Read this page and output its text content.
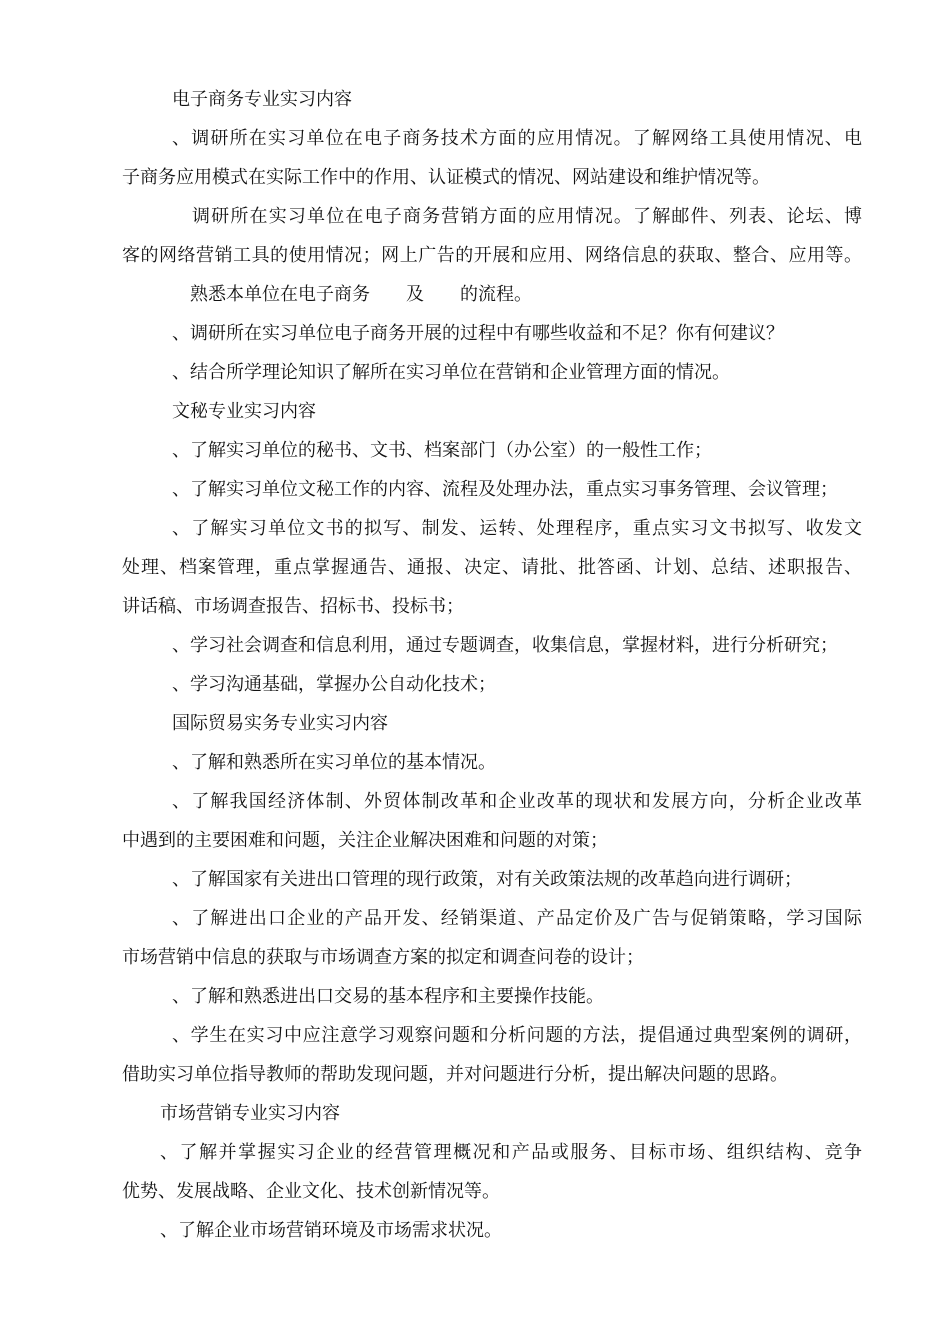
电子商务专业实习内容
、调研所在实习单位在电子商务技术方面的应用情况。了解网络工具使用情况、电
子商务应用模式在实际工作中的作用、认证模式的情况、网站建设和维护情况等。
调研所在实习单位在电子商务营销方面的应用情况。了解邮件、列表、论坛、博
客的网络营销工具的使用情况；网上广告的开展和应用、网络信息的获取、整合、应用等。
熟悉本单位在电子商务　　及　　的流程。
、调研所在实习单位电子商务开展的过程中有哪些收益和不足？你有何建议？
、结合所学理论知识了解所在实习单位在营销和企业管理方面的情况。
文秘专业实习内容
、了解实习单位的秘书、文书、档案部门（办公室）的一般性工作；
、了解实习单位文秘工作的内容、流程及处理办法，重点实习事务管理、会议管理；
、了解实习单位文书的拟写、制发、运转、处理程序，重点实习文书拟写、收发文
处理、档案管理，重点掌握通告、通报、决定、请批、批答函、计划、总结、述职报告、
讲话稿、市场调查报告、招标书、投标书；
、学习社会调查和信息利用，通过专题调查，收集信息，掌握材料，进行分析研究；
、学习沟通基础，掌握办公自动化技术；
国际贸易实务专业实习内容
、了解和熟悉所在实习单位的基本情况。
、了解我国经济体制、外贸体制改革和企业改革的现状和发展方向，分析企业改革
中遇到的主要困难和问题，关注企业解决困难和问题的对策；
、了解国家有关进出口管理的现行政策，对有关政策法规的改革趋向进行调研；
、了解进出口企业的产品开发、经销渠道、产品定价及广告与促销策略，学习国际
市场营销中信息的获取与市场调查方案的拟定和调查问卷的设计；
、了解和熟悉进出口交易的基本程序和主要操作技能。
、学生在实习中应注意学习观察问题和分析问题的方法，提倡通过典型案例的调研，
借助实习单位指导教师的帮助发现问题，并对问题进行分析，提出解决问题的思路。
市场营销专业实习内容
、了解并掌握实习企业的经营管理概况和产品或服务、目标市场、组织结构、竞争
优势、发展战略、企业文化、技术创新情况等。
、了解企业市场营销环境及市场需求状况。
